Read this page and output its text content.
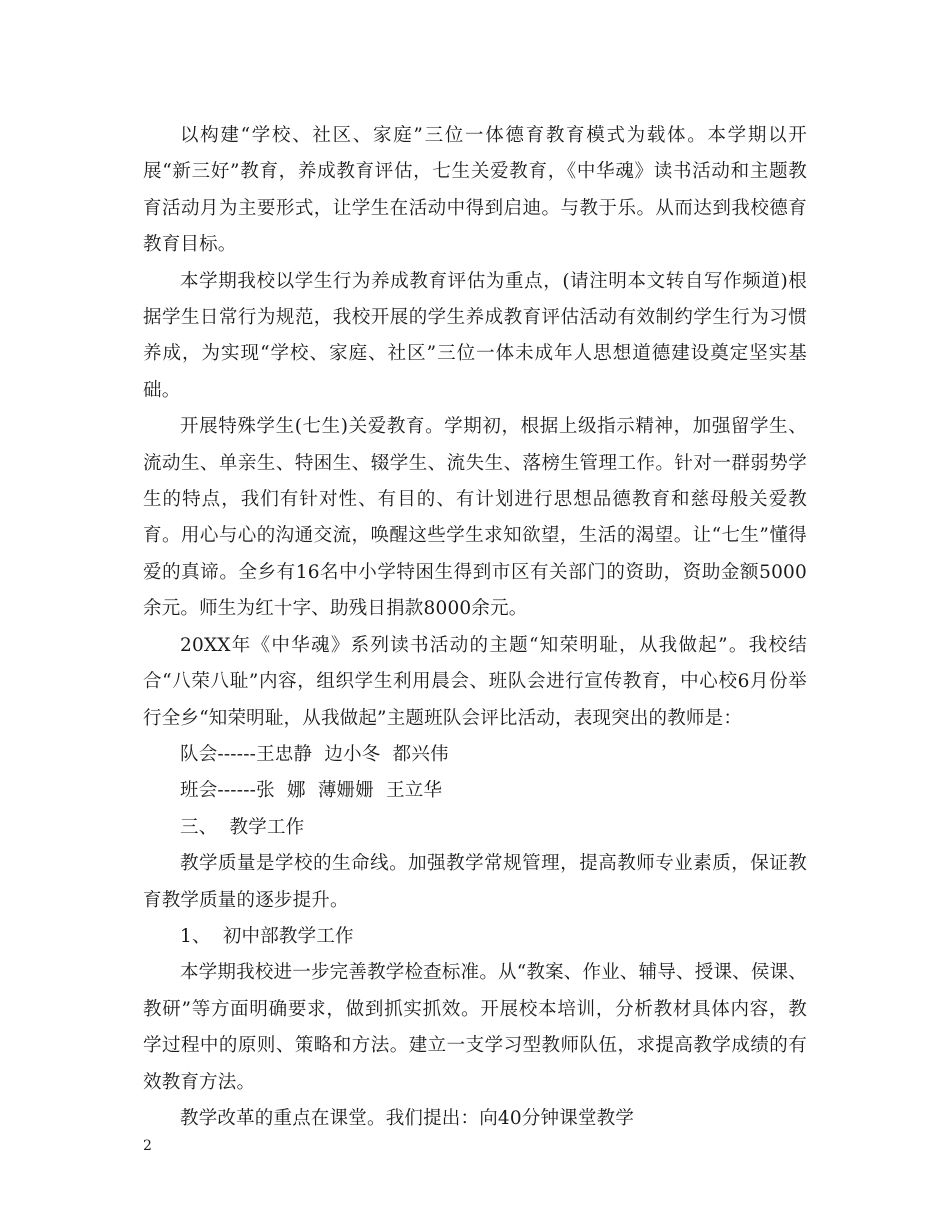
以构建“学校、社区、家庭”三位一体德育教育模式为载体。本学期以开展“新三好”教育，养成教育评估，七生关爱教育，《中华魂》读书活动和主题教育活动月为主要形式，让学生在活动中得到启迪。与教于乐。从而达到我校德育教育目标。

本学期我校以学生行为养成教育评估为重点，(请注明本文转自写作频道)根据学生日常行为规范，我校开展的学生养成教育评估活动有效制约学生行为习惯养成，为实现“学校、家庭、社区”三位一体未成年人思想道德建设奠定坚实基础。

开展特殊学生(七生)关爱教育。学期初，根据上级指示精神，加强留学生、流动生、单亲生、特困生、辍学生、流失生、落榜生管理工作。针对一群弱势学生的特点，我们有针对性、有目的、有计划进行思想品德教育和慈母般关爱教育。用心与心的沟通交流，唤醒这些学生求知欲望，生活的渴望。让“七生”懂得爱的真谛。全乡有16名中小学特困生得到市区有关部门的资助，资助金额5000余元。师生为红十字、助残日捐款8000余元。

20XX年《中华魂》系列读书活动的主题“知荣明耻，从我做起”。我校结合“八荣八耻”内容，组织学生利用晨会、班队会进行宣传教育，中心校6月份举行全乡“知荣明耻，从我做起”主题班队会评比活动，表现突出的教师是：

队会------王忠静  边小冬  都兴伟

班会------张  娜  薄姗姗  王立华

三、  教学工作

教学质量是学校的生命线。加强教学常规管理，提高教师专业素质，保证教育教学质量的逐步提升。

1、  初中部教学工作

本学期我校进一步完善教学检查标准。从“教案、作业、辅导、授课、侯课、教研”等方面明确要求，做到抓实抓效。开展校本培训，分析教材具体内容，教学过程中的原则、策略和方法。建立一支学习型教师队伍，求提高教学成绩的有效教育方法。

教学改革的重点在课堂。我们提出：向40分钟课堂教学

2
